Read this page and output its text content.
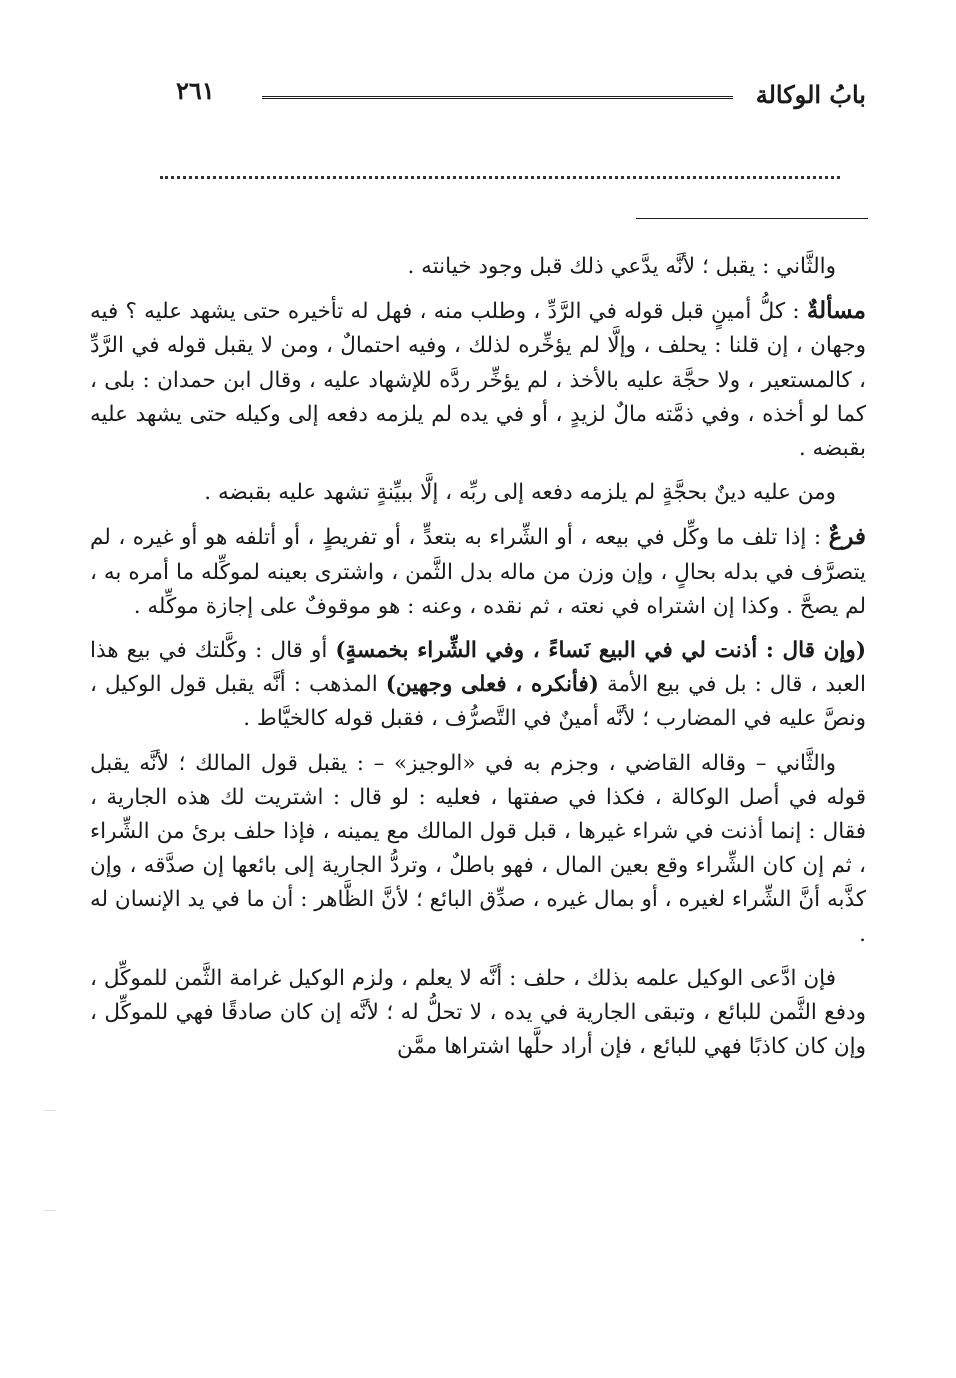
بابُ الوكالة
٢٦١

والثَّاني : يقبل ؛ لأنَّه يدَّعي ذلك قبل وجود خيانته .

مسألةٌ : كلُّ أمينٍ قبل قوله في الرَّدِّ ، وطلب منه ، فهل له تأخيره حتى يشهد عليه ؟ فيه وجهان ، إن قلنا : يحلف ، وإلَّا لم يؤخِّره لذلك ، وفيه احتمالٌ ، ومن لا يقبل قوله في الرَّدِّ ، كالمستعير ، ولا حجَّة عليه بالأخذ ، لم يؤخِّر ردَّه للإشهاد عليه ، وقال ابن حمدان : بلى ، كما لو أخذه ، وفي ذمَّته مالٌ لزيدٍ ، أو في يده لم يلزمه دفعه إلى وكيله حتى يشهد عليه بقبضه .

ومن عليه دينٌ بحجَّةٍ لم يلزمه دفعه إلى ربِّه ، إلَّا ببيِّنةٍ تشهد عليه بقبضه .

فرعٌ : إذا تلف ما وكِّل في بيعه ، أو الشِّراء به بتعدٍّ ، أو تفريطٍ ، أو أتلفه هو أو غيره ، لم يتصرَّف في بدله بحالٍ ، وإن وزن من ماله بدل الثَّمن ، واشترى بعينه لموكِّله ما أمره به ، لم يصحَّ . وكذا إن اشتراه في نعته ، ثم نقده ، وعنه : هو موقوفٌ على إجازة موكِّله .

(وإن قال : أذنت لي في البيع نَساءً ، وفي الشِّراء بخمسةٍ) أو قال : وكَّلتك في بيع هذا العبد ، قال : بل في بيع الأمة (فأنكره ، فعلى وجهين) المذهب : أنَّه يقبل قول الوكيل ، ونصَّ عليه في المضارب ؛ لأنَّه أمينٌ في التَّصرُّف ، فقبل قوله كالخيَّاط .

والثَّاني – وقاله القاضي ، وجزم به في «الوجيز» – : يقبل قول المالك ؛ لأنَّه يقبل قوله في أصل الوكالة ، فكذا في صفتها ، فعليه : لو قال : اشتريت لك هذه الجارية ، فقال : إنما أذنت في شراء غيرها ، قبل قول المالك مع يمينه ، فإذا حلف برئ من الشِّراء ، ثم إن كان الشِّراء وقع بعين المال ، فهو باطلٌ ، وتردُّ الجارية إلى بائعها إن صدَّقه ، وإن كذَّبه أنَّ الشِّراء لغيره ، أو بمال غيره ، صدِّق البائع ؛ لأنَّ الظَّاهر : أن ما في يد الإنسان له .

فإن ادَّعى الوكيل علمه بذلك ، حلف : أنَّه لا يعلم ، ولزم الوكيل غرامة الثَّمن للموكِّل ، ودفع الثَّمن للبائع ، وتبقى الجارية في يده ، لا تحلُّ له ؛ لأنَّه إن كان صادقًا فهي للموكِّل ، وإن كان كاذبًا فهي للبائع ، فإن أراد حلَّها اشتراها ممَّن
